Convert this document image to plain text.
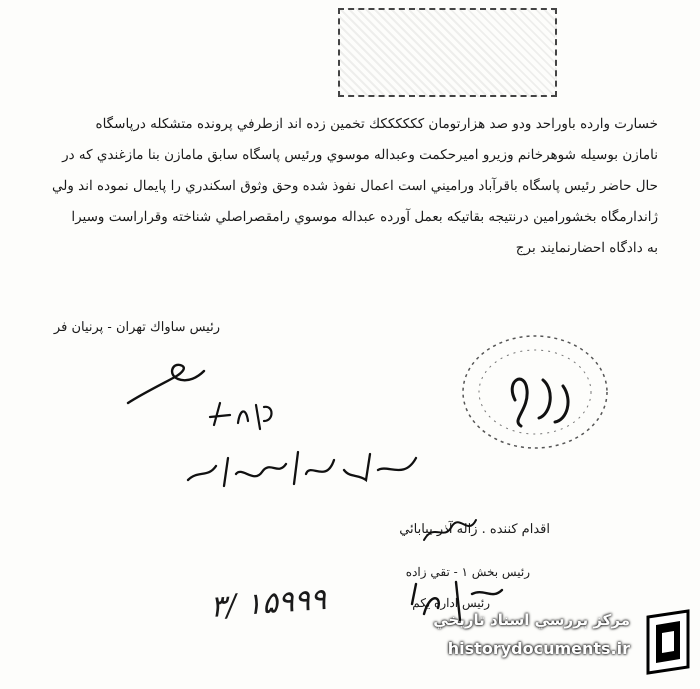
خسارت وارده باوراحد ودو صد هزارتومان ككككككك تخمين زده اند ازطرفي پرونده متشكله درپاسگاه
نامازن بوسيله شوهرخانم وزيرو اميرحكمت وعبداله موسوي ورئيس پاسگاه سابق مامازن بنا مازغندي كه در
حال حاضر رئيس پاسگاه باقرآباد وراميني است اعمال نفوذ شده وحق وثوق اسكندري را پايمال نموده اند ولي
ژاندارمگاه بخشورامين درنتيجه بقاتيكه بعمل آورده عبداله موسوي رامقصراصلي شناخته وقراراست وسيرا
به دادگاه احضارنمايند برج
رئيس ساواك تهران - پرنيان فر
اقدام كننده . زاله آذر ببابائي
رئيس بخش ۱ - تقي زاده
رئيس اداره يكم
۱۵۹۹۹ /۳	مركز بررسي اسناد تاريخي
historydocuments.ir
